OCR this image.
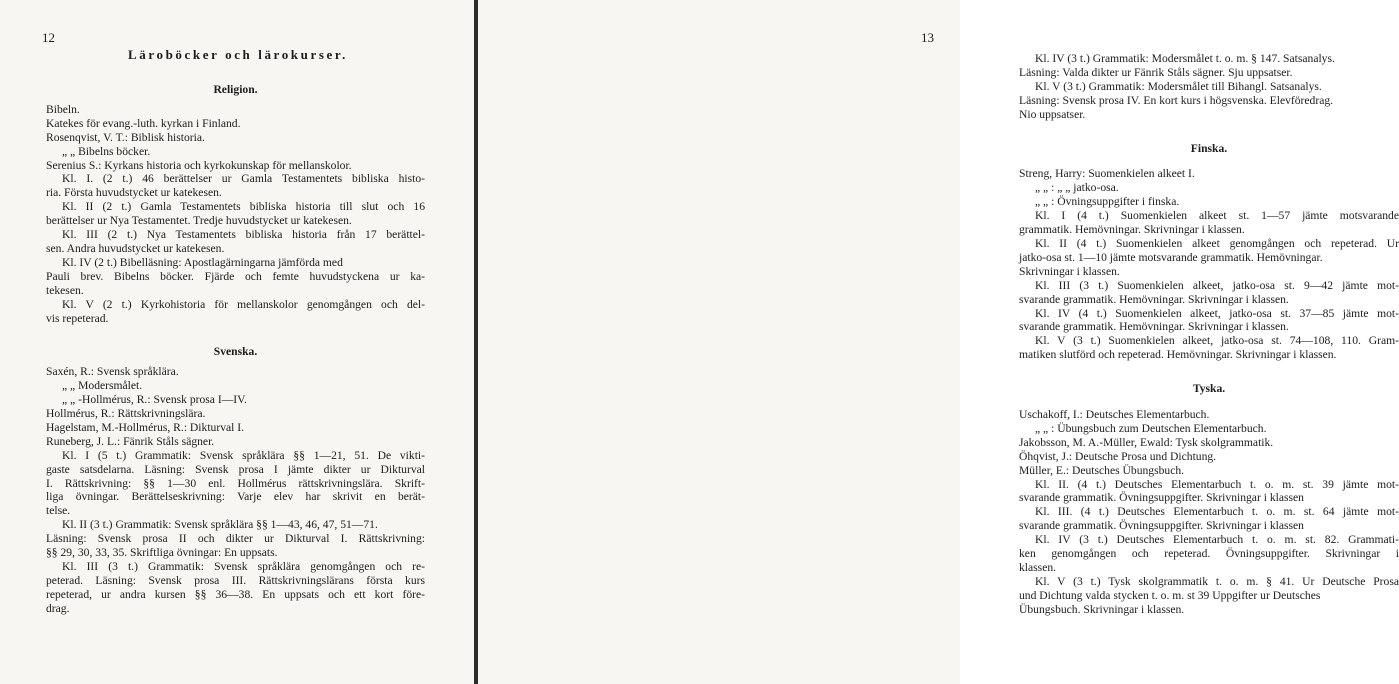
12
Läroböcker och lärokurser.
Religion.
Bibeln.
Katekes för evang.-luth. kyrkan i Finland.
Rosenqvist, V. T.: Biblisk historia.
„ „ Bibelns böcker.
Serenius S.: Kyrkans historia och kyrkokunskap för mellanskolor.
Kl. I. (2 t.) 46 berättelser ur Gamla Testamentets bibliska histo-
ria. Första huvudstycket ur katekesen.
Kl. II (2 t.) Gamla Testamentets bibliska historia till slut och 16
berättelser ur Nya Testamentet. Tredje huvudstycket ur katekesen.
Kl. III (2 t.) Nya Testamentets bibliska historia från 17 berättel-
sen. Andra huvudstycket ur katekesen.
Kl. IV (2 t.) Bibelläsning: Apostlagärningarna jämförda med
Pauli brev. Bibelns böcker. Fjärde och femte huvudstyckena ur ka-
tekesen.
Kl. V (2 t.) Kyrkohistoria för mellanskolor genomgången och del-
vis repeterad.
Svenska.
Saxén, R.: Svensk språklära.
„ „ Modersmålet.
„ „ -Hollmérus, R.: Svensk prosa I—IV.
Hollmérus, R.: Rättskrivningslära.
Hagelstam, M.-Hollmérus, R.: Dikturval I.
Runeberg, J. L.: Fänrik Ståls sägner.
Kl. I (5 t.) Grammatik: Svensk språklära §§ 1—21, 51. De vikti-
gaste satsdelarna. Läsning: Svensk prosa I jämte dikter ur Dikturval
I. Rättskrivning: §§ 1—30 enl. Hollmérus rättskrivningslära. Skrift-
liga övningar. Berättelseskrivning: Varje elev har skrivit en berät-
telse.
Kl. II (3 t.) Grammatik: Svensk språklära §§ 1—43, 46, 47, 51—71.
Läsning: Svensk prosa II och dikter ur Dikturval I. Rättskrivning:
§§ 29, 30, 33, 35. Skriftliga övningar: En uppsats.
Kl. III (3 t.) Grammatik: Svensk språklära genomgången och re-
peterad. Läsning: Svensk prosa III. Rättskrivningslärans första kurs
repeterad, ur andra kursen §§ 36—38. En uppsats och ett kort före-
drag.
13
Kl. IV (3 t.) Grammatik: Modersmålet t. o. m. § 147. Satsanalys.
Läsning: Valda dikter ur Fänrik Ståls sägner. Sju uppsatser.
Kl. V (3 t.) Grammatik: Modersmålet till Bihangl. Satsanalys.
Läsning: Svensk prosa IV. En kort kurs i högsvenska. Elevföredrag.
Nio uppsatser.
Finska.
Streng, Harry: Suomenkielen alkeet I.
„ „ : „ „ jatko-osa.
„ „ : Övningsuppgifter i finska.
Kl. I (4 t.) Suomenkielen alkeet st. 1—57 jämte motsvarande
grammatik. Hemövningar. Skrivningar i klassen.
Kl. II (4 t.) Suomenkielen alkeet genomgången och repeterad. Ur
jatko-osa st. 1—10 jämte motsvarande grammatik. Hemövningar.
Skrivningar i klassen.
Kl. III (3 t.) Suomenkielen alkeet, jatko-osa st. 9—42 jämte mot-
svarande grammatik. Hemövningar. Skrivningar i klassen.
Kl. IV (4 t.) Suomenkielen alkeet, jatko-osa st. 37—85 jämte mot-
svarande grammatik. Hemövningar. Skrivningar i klassen.
Kl. V (3 t.) Suomenkielen alkeet, jatko-osa st. 74—108, 110. Gram-
matiken slutförd och repeterad. Hemövningar. Skrivningar i klassen.
Tyska.
Uschakoff, I.: Deutsches Elementarbuch.
„ „ : Übungsbuch zum Deutschen Elementarbuch.
Jakobsson, M. A.-Müller, Ewald: Tysk skolgrammatik.
Öhqvist, J.: Deutsche Prosa und Dichtung.
Müller, E.: Deutsches Übungsbuch.
Kl. II. (4 t.) Deutsches Elementarbuch t. o. m. st. 39 jämte mot-
svarande grammatik. Övningsuppgifter. Skrivningar i klassen
Kl. III. (4 t.) Deutsches Elementarbuch t. o. m. st. 64 jämte mot-
svarande grammatik. Övningsuppgifter. Skrivningar i klassen
Kl. IV (3 t.) Deutsches Elementarbuch t. o. m. st. 82. Grammati-
ken genomgången och repeterad. Övningsuppgifter. Skrivningar i
klassen.
Kl. V (3 t.) Tysk skolgrammatik t. o. m. § 41. Ur Deutsche Prosa
und Dichtung valda stycken t. o. m. st 39 Uppgifter ur Deutsches
Übungsbuch. Skrivningar i klassen.
